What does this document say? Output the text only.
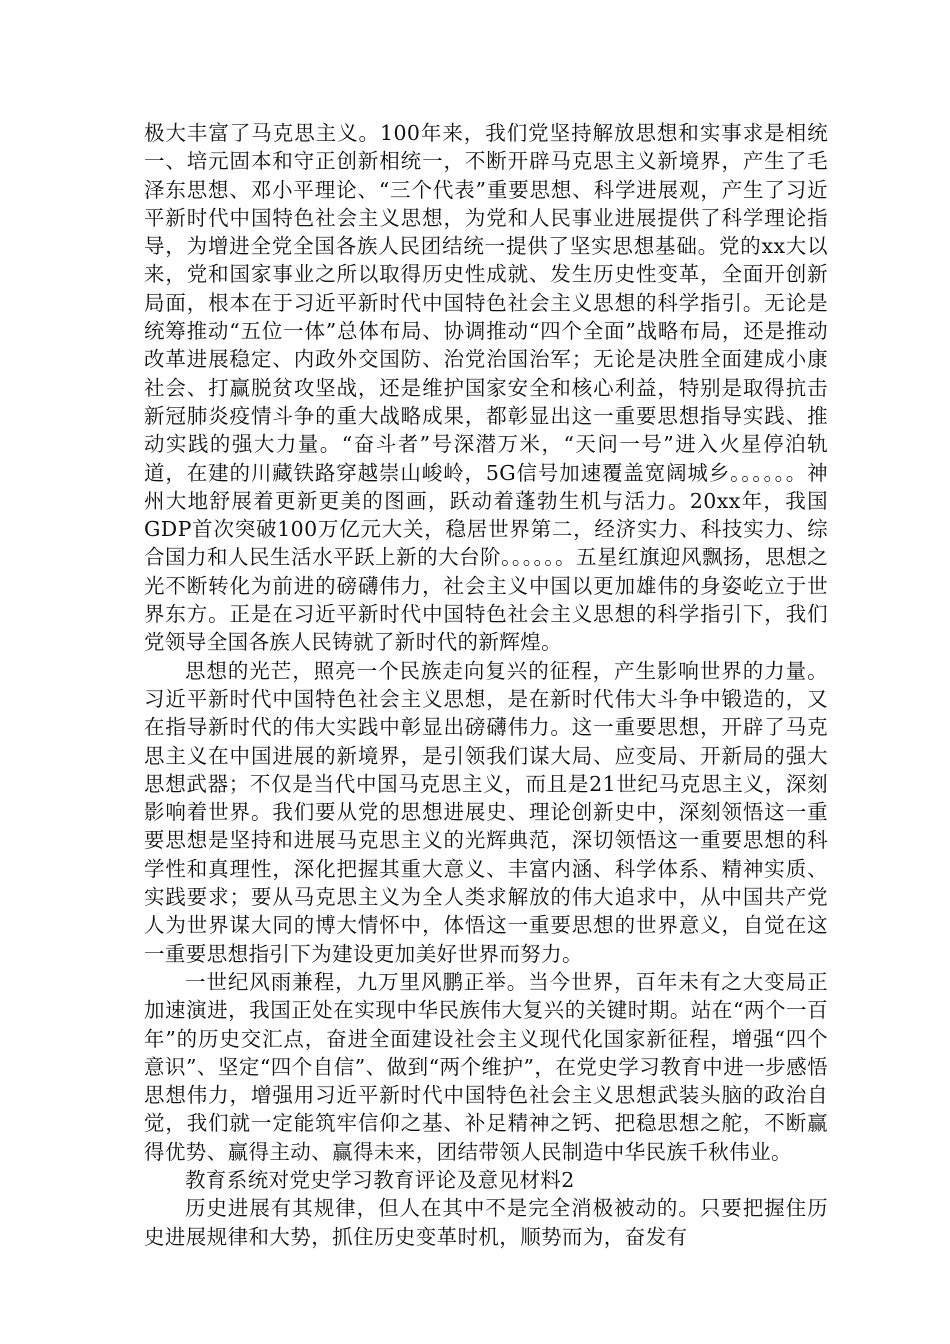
极大丰富了马克思主义。100年来，我们党坚持解放思想和实事求是相统一、培元固本和守正创新相统一，不断开辟马克思主义新境界，产生了毛泽东思想、邓小平理论、“三个代表”重要思想、科学进展观，产生了习近平新时代中国特色社会主义思想，为党和人民事业进展提供了科学理论指导，为增进全党全国各族人民团结统一提供了坚实思想基础。党的xx大以来，党和国家事业之所以取得历史性成就、发生历史性变革，全面开创新局面，根本在于习近平新时代中国特色社会主义思想的科学指引。无论是统筹推动“五位一体”总体布局、协调推动“四个全面”战略布局，还是推动改革进展稳定、内政外交国防、治党治国治军；无论是决胜全面建成小康社会、打赢脱贫攻坚战，还是维护国家安全和核心利益，特别是取得抗击新冠肺炎疫情斗争的重大战略成果，都彰显出这一重要思想指导实践、推动实践的强大力量。“奋斗者”号深潜万米，“天问一号”进入火星停泊轨道，在建的川藏铁路穿越崇山峻岭，5G信号加速覆盖宽阔城乡。。。。。。神州大地舒展着更新更美的图画，跃动着蓬勃生机与活力。20xx年，我国GDP首次突破100万亿元大关，稳居世界第二，经济实力、科技实力、综合国力和人民生活水平跃上新的大台阶。。。。。。五星红旗迎风飘扬，思想之光不断转化为前进的磅礴伟力，社会主义中国以更加雄伟的身姿屹立于世界东方。正是在习近平新时代中国特色社会主义思想的科学指引下，我们党领导全国各族人民铸就了新时代的新辉煌。

思想的光芒，照亮一个民族走向复兴的征程，产生影响世界的力量。习近平新时代中国特色社会主义思想，是在新时代伟大斗争中锻造的，又在指导新时代的伟大实践中彰显出磅礴伟力。这一重要思想，开辟了马克思主义在中国进展的新境界，是引领我们谋大局、应变局、开新局的强大思想武器；不仅是当代中国马克思主义，而且是21世纪马克思主义，深刻影响着世界。我们要从党的思想进展史、理论创新史中，深刻领悟这一重要思想是坚持和进展马克思主义的光辉典范，深切领悟这一重要思想的科学性和真理性，深化把握其重大意义、丰富内涵、科学体系、精神实质、实践要求；要从马克思主义为全人类求解放的伟大追求中，从中国共产党人为世界谋大同的博大情怀中，体悟这一重要思想的世界意义，自觉在这一重要思想指引下为建设更加美好世界而努力。

一世纪风雨兼程，九万里风鹏正举。当今世界，百年未有之大变局正加速演进，我国正处在实现中华民族伟大复兴的关键时期。站在“两个一百年”的历史交汇点，奋进全面建设社会主义现代化国家新征程，增强“四个意识”、坚定“四个自信”、做到“两个维护”，在党史学习教育中进一步感悟思想伟力，增强用习近平新时代中国特色社会主义思想武装头脑的政治自觉，我们就一定能筑牢信仰之基、补足精神之钙、把稳思想之舵，不断赢得优势、赢得主动、赢得未来，团结带领人民制造中华民族千秋伟业。

教育系统对党史学习教育评论及意见材料2

历史进展有其规律，但人在其中不是完全消极被动的。只要把握住历史进展规律和大势，抓住历史变革时机，顺势而为，奋发有
